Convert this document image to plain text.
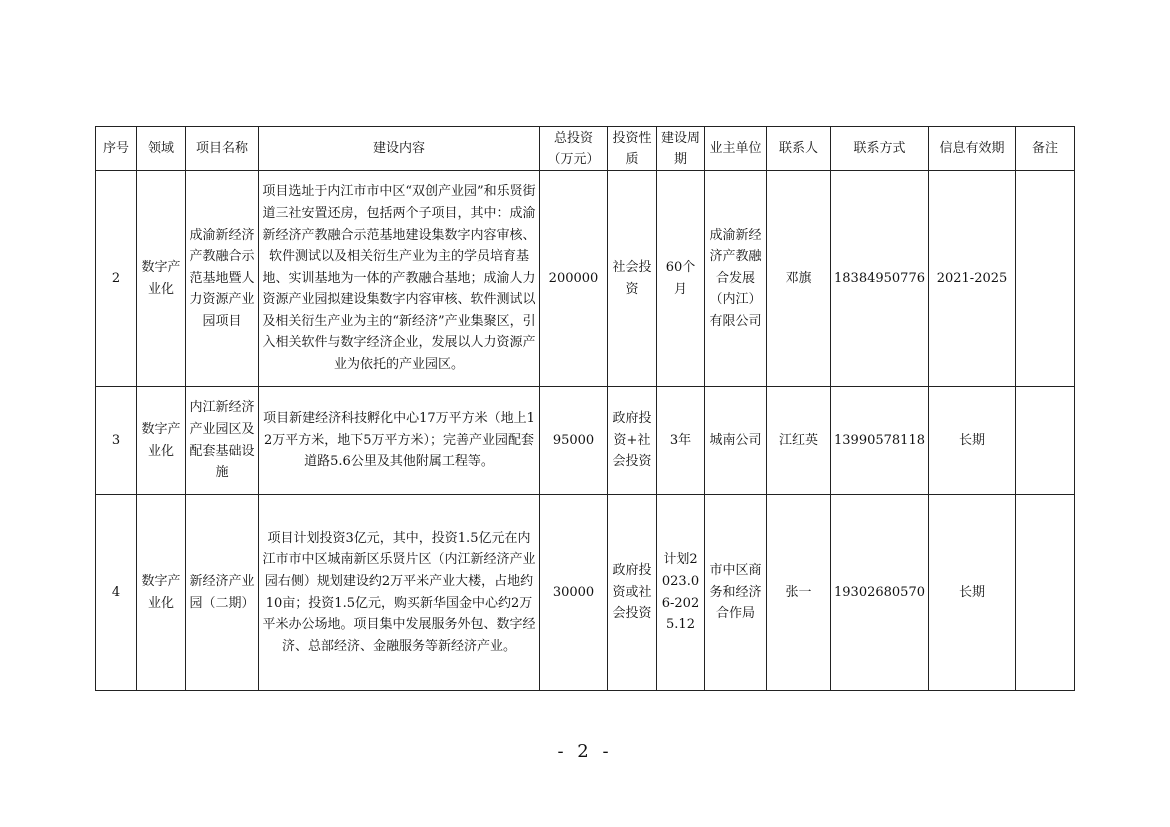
序号	领域	项目名称	建设内容	总投资（万元）	投资性质	建设周期	业主单位	联系人	联系方式	信息有效期	备注
2	数字产业化	成渝新经济产教融合示范基地暨人力资源产业园项目	项目选址于内江市市中区“双创产业园”和乐贤街道三社安置还房，包括两个子项目，其中：成渝新经济产教融合示范基地建设集数字内容审核、软件测试以及相关衍生产业为主的学员培育基地、实训基地为一体的产教融合基地；成渝人力资源产业园拟建设集数字内容审核、软件测试以及相关衍生产业为主的“新经济”产业集聚区，引入相关软件与数字经济企业，发展以人力资源产业为依托的产业园区。	200000	社会投资	60个月	成渝新经济产教融合发展（内江）有限公司	邓旗	18384950776	2021-2025	
3	数字产业化	内江新经济产业园区及配套基础设施	项目新建经济科技孵化中心17万平方米（地上12万平方米，地下5万平方米）；完善产业园配套道路5.6公里及其他附属工程等。	95000	政府投资+社会投资	3年	城南公司	江红英	13990578118	长期	
4	数字产业化	新经济产业园（二期）	项目计划投资3亿元，其中，投资1.5亿元在内江市市中区城南新区乐贤片区（内江新经济产业园右侧）规划建设约2万平米产业大楼，占地约10亩；投资1.5亿元，购买新华国金中心约2万平米办公场地。项目集中发展服务外包、数字经济、总部经济、金融服务等新经济产业。	30000	政府投资或社会投资	计划2023.06-2025.12	市中区商务和经济合作局	张一	19302680570	长期	
- 2 -
